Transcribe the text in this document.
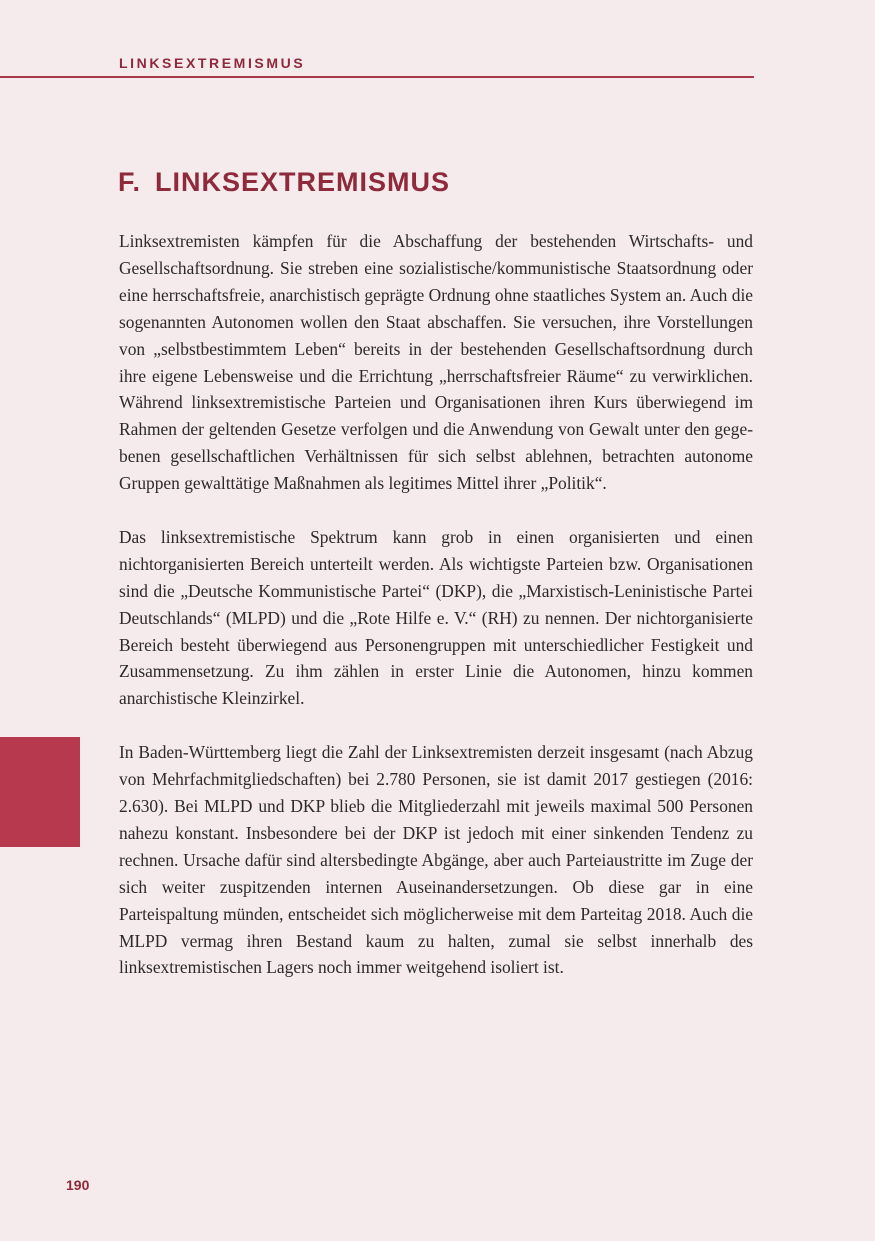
LINKSEXTREMISMUS
F. LINKSEXTREMISMUS

Linksextremisten kämpfen für die Abschaffung der bestehenden Wirtschafts- und Gesellschaftsordnung. Sie streben eine sozialistische/kommunistische Staatsordnung oder eine herrschaftsfreie, anarchistisch geprägte Ordnung ohne staatliches System an. Auch die sogenannten Autonomen wollen den Staat abschaffen. Sie versuchen, ihre Vorstellungen von „selbstbestimmtem Leben“ bereits in der bestehenden Gesellschaftsordnung durch ihre eigene Lebensweise und die Errichtung „herrschaftsfreier Räume“ zu verwirklichen. Während linksextremistische Parteien und Organisationen ihren Kurs überwiegend im Rahmen der geltenden Gesetze verfolgen und die Anwendung von Gewalt unter den gegebenen gesellschaftlichen Verhältnissen für sich selbst ablehnen, betrachten autonome Gruppen gewalttätige Maßnahmen als legitimes Mittel ihrer „Politik“.

Das linksextremistische Spektrum kann grob in einen organisierten und einen nichtorganisierten Bereich unterteilt werden. Als wichtigste Parteien bzw. Organisationen sind die „Deutsche Kommunistische Partei“ (DKP), die „Marxistisch-Leninistische Partei Deutschlands“ (MLPD) und die „Rote Hilfe e. V.“ (RH) zu nennen. Der nichtorganisierte Bereich besteht überwiegend aus Personengruppen mit unterschiedlicher Festigkeit und Zusammensetzung. Zu ihm zählen in erster Linie die Autonomen, hinzu kommen anarchistische Kleinzirkel.

In Baden-Württemberg liegt die Zahl der Linksextremisten derzeit insgesamt (nach Abzug von Mehrfachmitgliedschaften) bei 2.780 Personen, sie ist damit 2017 gestiegen (2016: 2.630). Bei MLPD und DKP blieb die Mitgliederzahl mit jeweils maximal 500 Personen nahezu konstant. Insbesondere bei der DKP ist jedoch mit einer sinkenden Tendenz zu rechnen. Ursache dafür sind altersbedingte Abgänge, aber auch Parteiaustritte im Zuge der sich weiter zuspitzenden internen Auseinandersetzungen. Ob diese gar in eine Parteispaltung münden, entscheidet sich möglicherweise mit dem Parteitag 2018. Auch die MLPD vermag ihren Bestand kaum zu halten, zumal sie selbst innerhalb des linksextremistischen Lagers noch immer weitgehend isoliert ist.

190
